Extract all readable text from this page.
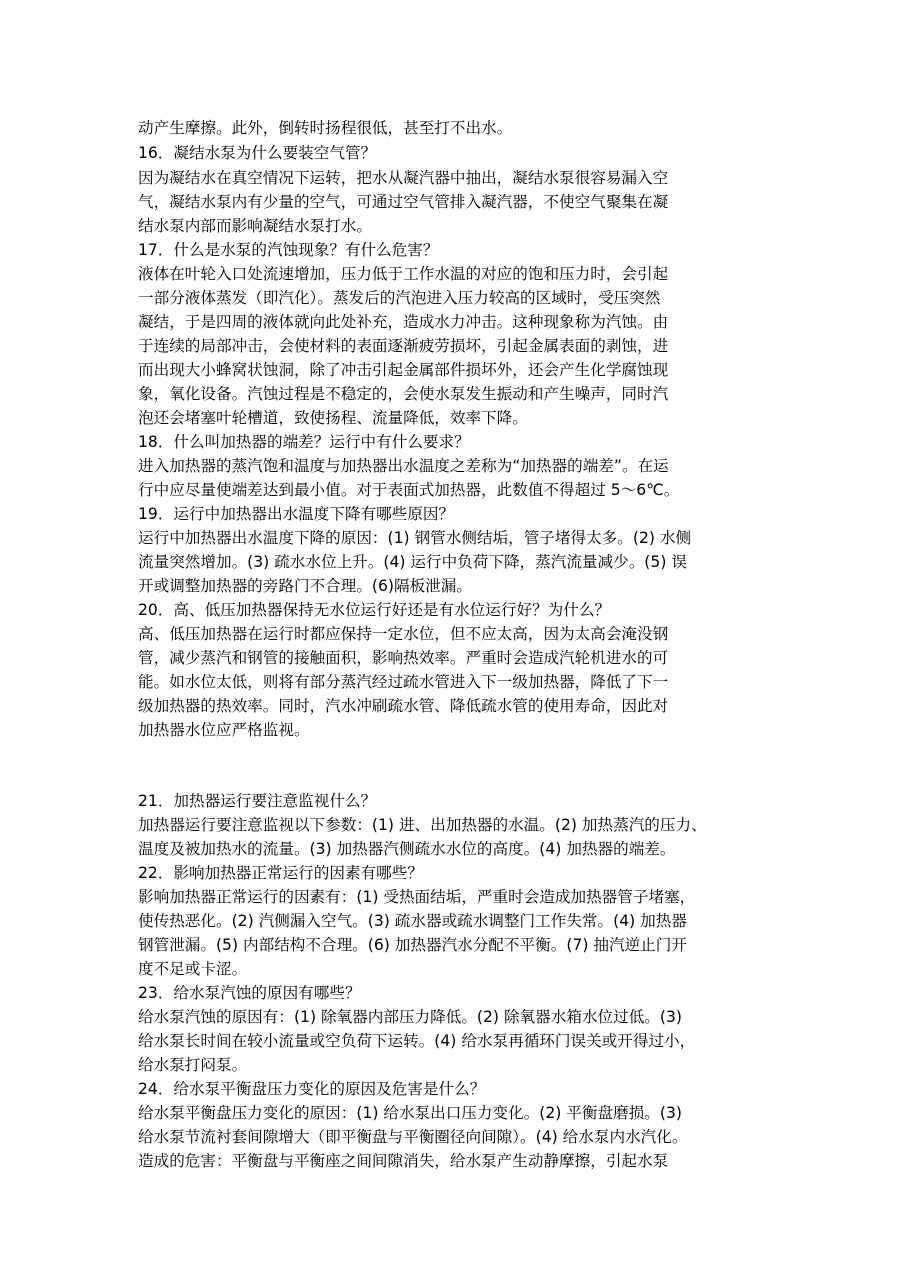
动产生摩擦。此外，倒转时扬程很低，甚至打不出水。
16．凝结水泵为什么要装空气管？
因为凝结水在真空情况下运转，把水从凝汽器中抽出，凝结水泵很容易漏入空
气，凝结水泵内有少量的空气，可通过空气管排入凝汽器，不使空气聚集在凝
结水泵内部而影响凝结水泵打水。
17．什么是水泵的汽蚀现象？有什么危害？
液体在叶轮入口处流速增加，压力低于工作水温的对应的饱和压力时，会引起
一部分液体蒸发（即汽化）。蒸发后的汽泡进入压力较高的区域时，受压突然
凝结，于是四周的液体就向此处补充，造成水力冲击。这种现象称为汽蚀。由
于连续的局部冲击，会使材料的表面逐渐疲劳损坏，引起金属表面的剥蚀，进
而出现大小蜂窝状蚀洞，除了冲击引起金属部件损坏外，还会产生化学腐蚀现
象，氧化设备。汽蚀过程是不稳定的，会使水泵发生振动和产生噪声，同时汽
泡还会堵塞叶轮槽道，致使扬程、流量降低，效率下降。
18．什么叫加热器的端差？运行中有什么要求？
进入加热器的蒸汽饱和温度与加热器出水温度之差称为“加热器的端差”。在运
行中应尽量使端差达到最小值。对于表面式加热器，此数值不得超过 5～6℃。
19．运行中加热器出水温度下降有哪些原因？
运行中加热器出水温度下降的原因：(1) 钢管水侧结垢，管子堵得太多。(2) 水侧
流量突然增加。(3) 疏水水位上升。(4) 运行中负荷下降，蒸汽流量减少。(5) 误
开或调整加热器的旁路门不合理。(6)隔板泄漏。
20．高、低压加热器保持无水位运行好还是有水位运行好？为什么？
高、低压加热器在运行时都应保持一定水位，但不应太高，因为太高会淹没钢
管，减少蒸汽和钢管的接触面积，影响热效率。严重时会造成汽轮机进水的可
能。如水位太低，则将有部分蒸汽经过疏水管进入下一级加热器，降低了下一
级加热器的热效率。同时，汽水冲刷疏水管、降低疏水管的使用寿命，因此对
加热器水位应严格监视。
21．加热器运行要注意监视什么？
加热器运行要注意监视以下参数：(1) 进、出加热器的水温。(2) 加热蒸汽的压力、
温度及被加热水的流量。(3) 加热器汽侧疏水水位的高度。(4) 加热器的端差。
22．影响加热器正常运行的因素有哪些？
影响加热器正常运行的因素有：(1) 受热面结垢，严重时会造成加热器管子堵塞，
使传热恶化。(2) 汽侧漏入空气。(3) 疏水器或疏水调整门工作失常。(4) 加热器
钢管泄漏。(5) 内部结构不合理。(6) 加热器汽水分配不平衡。(7) 抽汽逆止门开
度不足或卡涩。
23．给水泵汽蚀的原因有哪些？
给水泵汽蚀的原因有：(1) 除氧器内部压力降低。(2) 除氧器水箱水位过低。(3)
给水泵长时间在较小流量或空负荷下运转。(4) 给水泵再循环门误关或开得过小，
给水泵打闷泵。
24．给水泵平衡盘压力变化的原因及危害是什么？
给水泵平衡盘压力变化的原因：(1) 给水泵出口压力变化。(2) 平衡盘磨损。(3)
给水泵节流衬套间隙增大（即平衡盘与平衡圈径向间隙）。(4) 给水泵内水汽化。
造成的危害：平衡盘与平衡座之间间隙消失，给水泵产生动静摩擦，引起水泵
